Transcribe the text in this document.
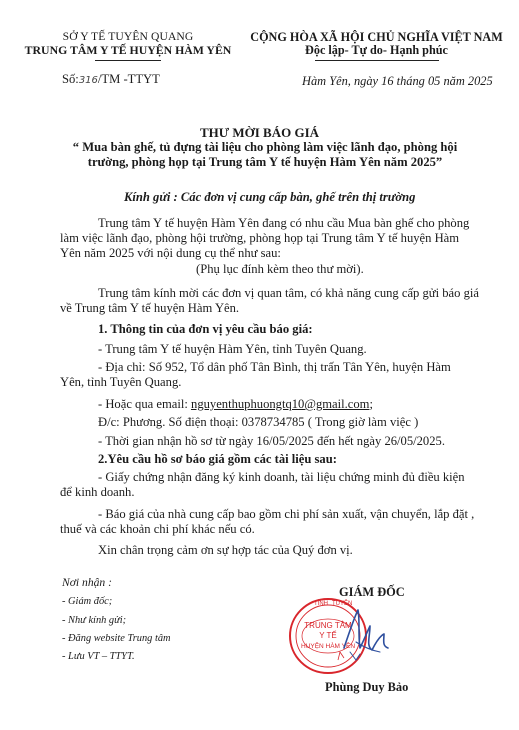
SỞ Y TẾ TUYÊN QUANG
TRUNG TÂM Y TẾ HUYỆN HÀM YÊN
CỘNG HÒA XÃ HỘI CHỦ NGHĨA VIỆT NAM
Độc lập- Tự do- Hạnh phúc
Số:316/TM -TTYT	Hàm Yên, ngày 16 tháng 05 năm 2025
THƯ MỜI BÁO GIÁ
“ Mua bàn ghế, tủ đựng tài liệu cho phòng làm việc lãnh đạo, phòng hội
trường, phòng họp tại Trung tâm Y tế huyện Hàm Yên năm 2025”
Kính gửi : Các đơn vị cung cấp bàn, ghế trên thị trường
Trung tâm Y tế huyện Hàm Yên đang có nhu cầu Mua bàn ghế cho phòng
làm việc lãnh đạo, phòng hội trường, phòng họp tại Trung tâm Y tế huyện Hàm
Yên năm 2025 với nội dung cụ thể như sau:
(Phụ lục đính kèm theo thư mời).
Trung tâm kính mời các đơn vị quan tâm, có khả năng cung cấp gửi báo giá
về Trung tâm Y tế huyện Hàm Yên.
1. Thông tin của đơn vị yêu cầu báo giá:
- Trung tâm Y tế huyện Hàm Yên, tỉnh Tuyên Quang.
- Địa chỉ: Số 952, Tổ dân phố Tân Bình, thị trấn Tân Yên, huyện Hàm
Yên, tỉnh Tuyên Quang.
- Hoặc qua email: nguyenthuphuongtq10@gmail.com;
Đ/c: Phương. Số điện thoại: 0378734785 ( Trong giờ làm việc )
- Thời gian nhận hồ sơ từ ngày 16/05/2025 đến hết ngày 26/05/2025.
2.Yêu cầu hồ sơ báo giá gồm các tài liệu sau:
- Giấy chứng nhận đăng ký kinh doanh, tài liệu chứng minh đủ điều kiện
để kinh doanh.
- Báo giá của nhà cung cấp bao gồm chi phí sản xuất, vận chuyển, lắp đặt ,
thuế và các khoản chi phí khác nếu có.
Xin chân trọng cảm ơn sự hợp tác của Quý đơn vị.
Nơi nhận :
- Giám đốc;
- Như kính gửi;
- Đăng website Trung tâm
- Lưu VT – TTYT.
GIÁM ĐỐC
TỈNH TUYÊN
TRUNG TÂM
Y TẾ
HUYỆN HÀM YÊN
Phùng Duy Bảo
